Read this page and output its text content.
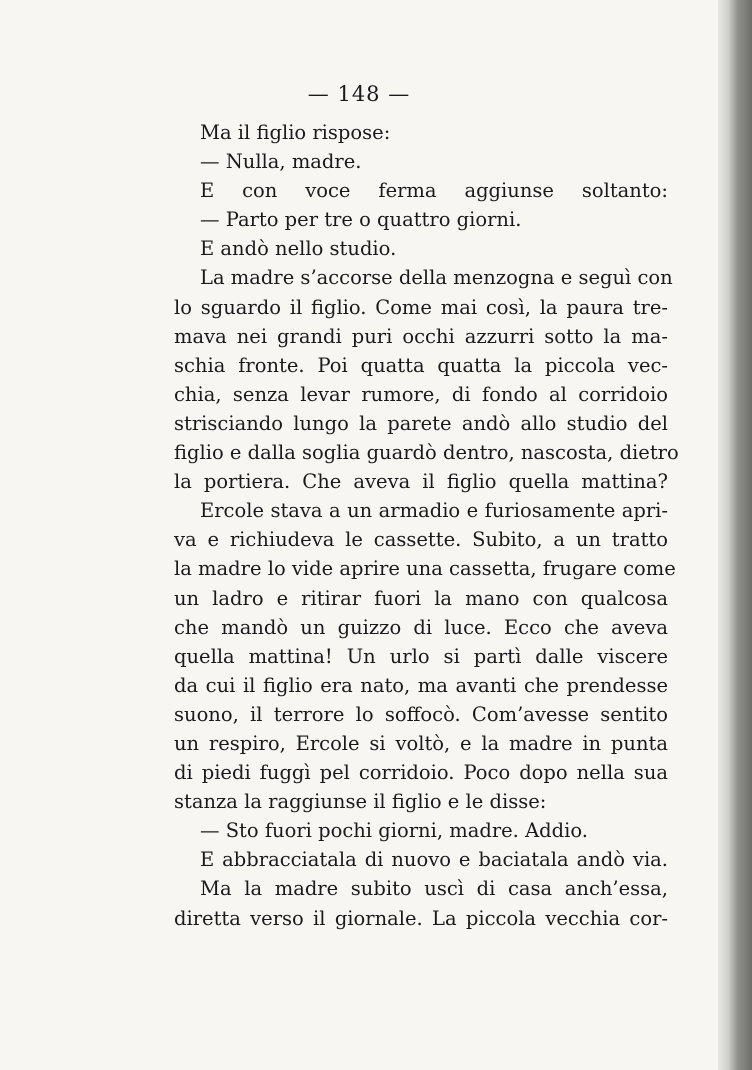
— 148 —
Ma il figlio rispose:
— Nulla, madre.
E con voce ferma aggiunse soltanto:
— Parto per tre o quattro giorni.
E andò nello studio.
La madre s’accorse della menzogna e seguì con
lo sguardo il figlio. Come mai così, la paura tre-
mava nei grandi puri occhi azzurri sotto la ma-
schia fronte. Poi quatta quatta la piccola vec-
chia, senza levar rumore, di fondo al corridoio
strisciando lungo la parete andò allo studio del
figlio e dalla soglia guardò dentro, nascosta, dietro
la portiera. Che aveva il figlio quella mattina?
Ercole stava a un armadio e furiosamente apri-
va e richiudeva le cassette. Subito, a un tratto
la madre lo vide aprire una cassetta, frugare come
un ladro e ritirar fuori la mano con qualcosa
che mandò un guizzo di luce. Ecco che aveva
quella mattina! Un urlo si partì dalle viscere
da cui il figlio era nato, ma avanti che prendesse
suono, il terrore lo soffocò. Com’avesse sentito
un respiro, Ercole si voltò, e la madre in punta
di piedi fuggì pel corridoio. Poco dopo nella sua
stanza la raggiunse il figlio e le disse:
— Sto fuori pochi giorni, madre. Addio.
E abbracciatala di nuovo e baciatala andò via.
Ma la madre subito uscì di casa anch’essa,
diretta verso il giornale. La piccola vecchia cor-
